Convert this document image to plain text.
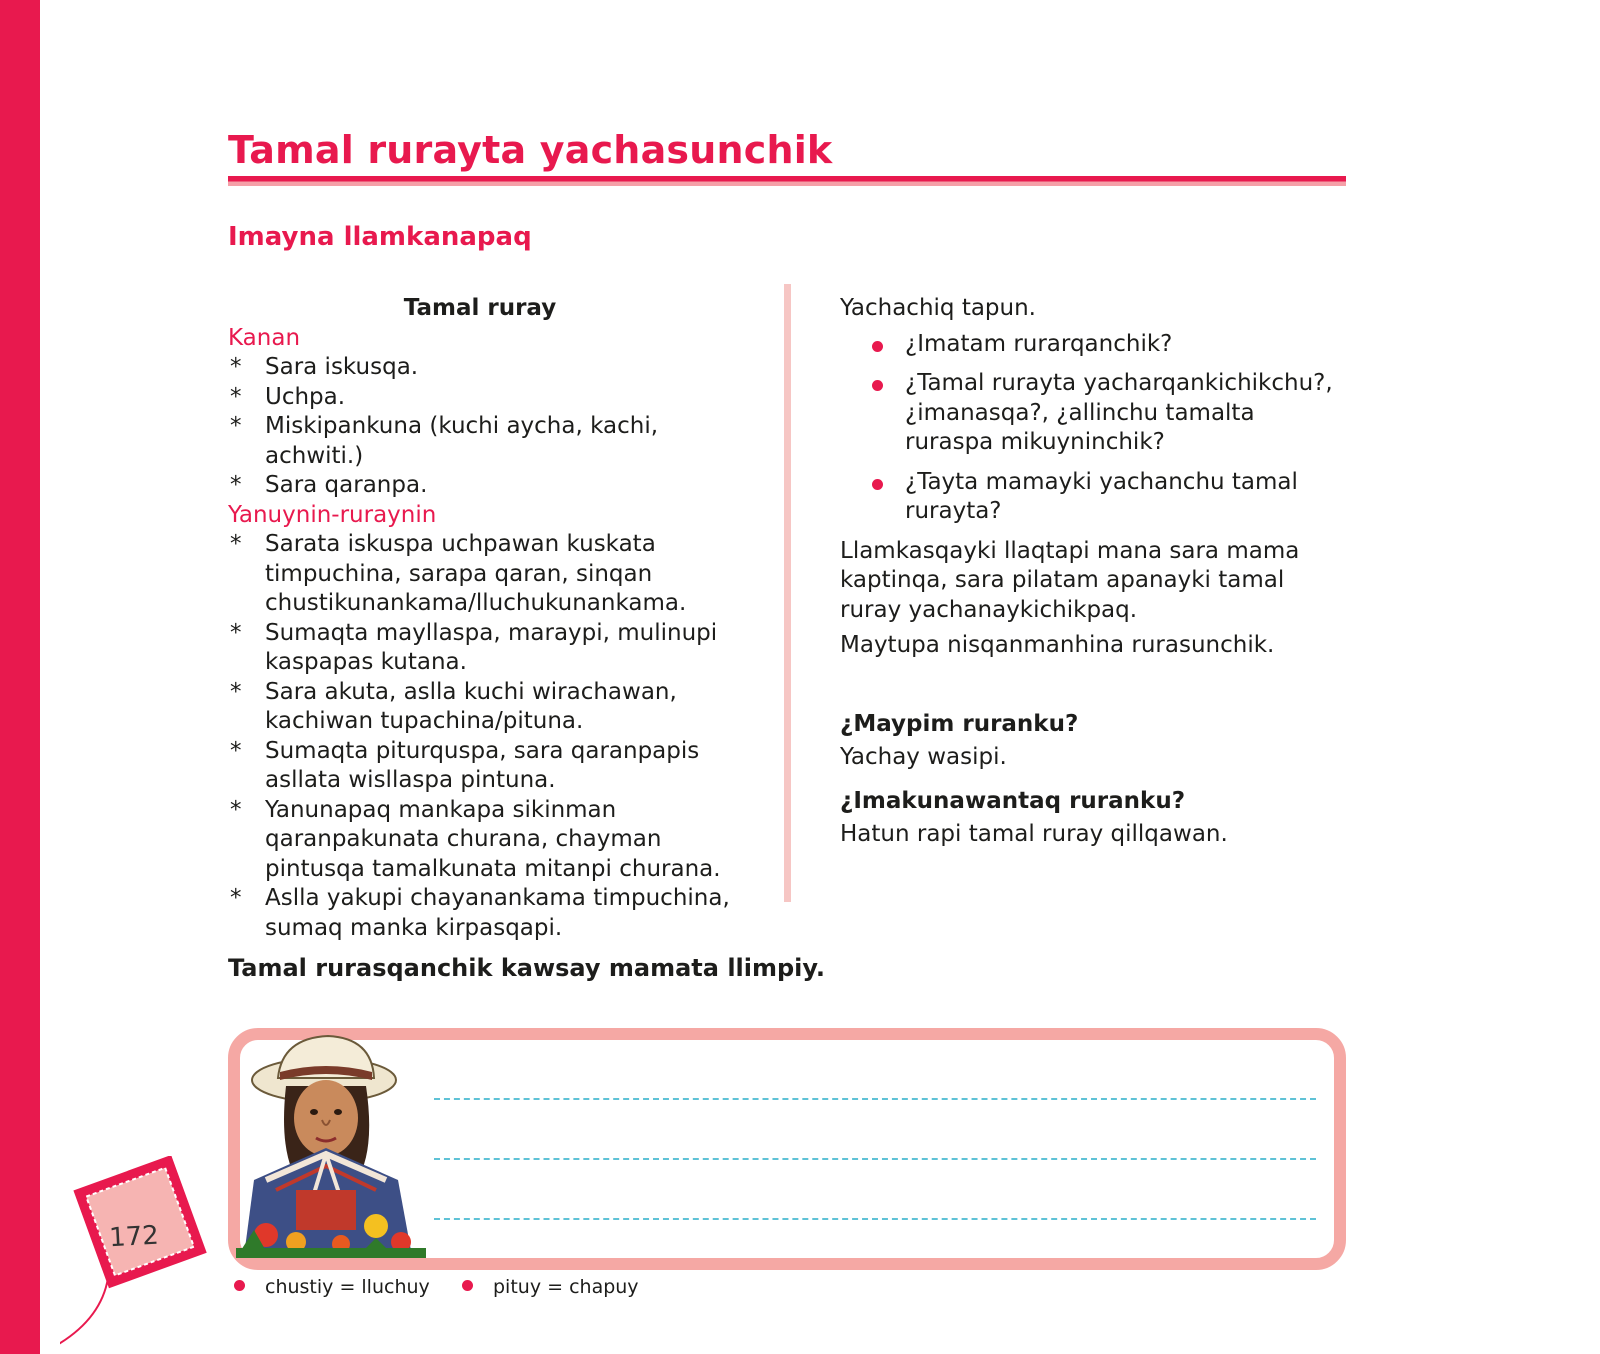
Tamal rurayta yachasunchik
Imayna llamkanapaq
Tamal ruray
Kanan
* Sara iskusqa.
* Uchpa.
* Miskipankuna (kuchi aycha, kachi, achwiti.)
* Sara qaranpa.
Yanuynin-ruraynin
* Sarata iskuspa uchpawan kuskata timpuchina, sarapa qaran, sinqan chustikunankama/lluchukunankama.
* Sumaqta mayllaspa, maraypi, mulinupi kaspapas kutana.
* Sara akuta, aslla kuchi wirachawan, kachiwan tupachina/pituna.
* Sumaqta piturquspa, sara qaranpapis asllata wisllaspa pintuna.
* Yanunapaq mankapa sikinman qaranpakunata churana, chayman pintusqa tamalkunata mitanpi churana.
* Aslla yakupi chayanankama timpuchina, sumaq manka kirpasqapi.

Yachachiq tapun.

¿Imatam rurarqanchik?
¿Tamal rurayta yacharqankichikchu?, ¿imanasqa?, ¿allinchu tamalta ruraspa mikuyninchik?
¿Tayta mamayki yachanchu tamal rurayta?

Llamkasqayki llaqtapi mana sara mama kaptinqa, sara pilatam apanayki tamal ruray yachanaykichikpaq.

Maytupa nisqanmanhina rurasunchik.

¿Maypim ruranku?

Yachay wasipi.

¿Imakunawantaq ruranku?

Hatun rapi tamal ruray qillqawan.

Tamal rurasqanchik kawsay mamata llimpiy.

172
chustiy = lluchuy	pituy = chapuy
